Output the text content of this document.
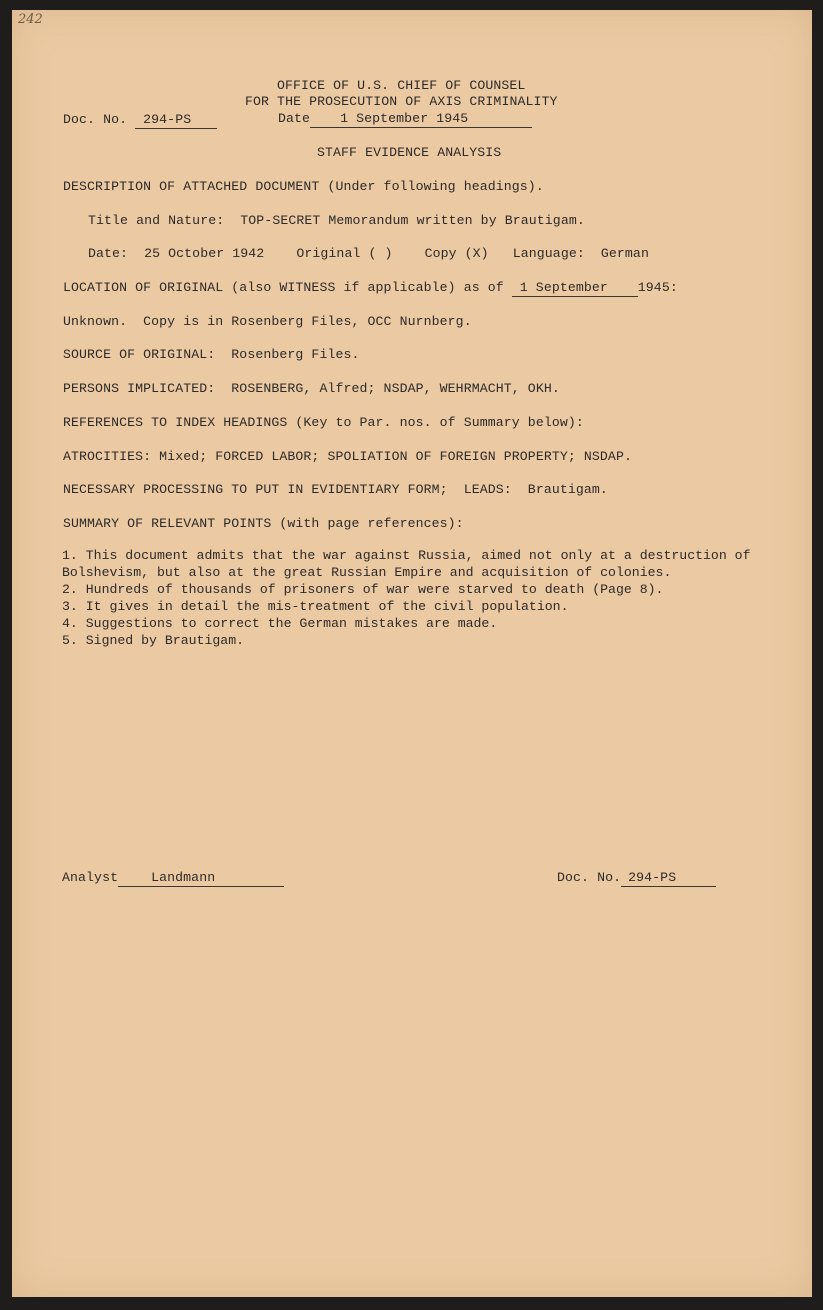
242
OFFICE OF U.S. CHIEF OF COUNSEL
FOR THE PROSECUTION OF AXIS CRIMINALITY
Doc. No. 294-PS	Date 1 September 1945
STAFF EVIDENCE ANALYSIS
DESCRIPTION OF ATTACHED DOCUMENT (Under following headings).
Title and Nature:  TOP-SECRET Memorandum written by Brautigam.
Date:  25 October 1942    Original ( )    Copy (X)   Language:  German
LOCATION OF ORIGINAL (also WITNESS if applicable) as of 1 September 1945:
Unknown.  Copy is in Rosenberg Files, OCC Nurnberg.
SOURCE OF ORIGINAL:  Rosenberg Files.
PERSONS IMPLICATED:  ROSENBERG, Alfred; NSDAP, WEHRMACHT, OKH.
REFERENCES TO INDEX HEADINGS (Key to Par. nos. of Summary below):
ATROCITIES: Mixed; FORCED LABOR; SPOLIATION OF FOREIGN PROPERTY; NSDAP.
NECESSARY PROCESSING TO PUT IN EVIDENTIARY FORM;  LEADS:  Brautigam.
SUMMARY OF RELEVANT POINTS (with page references):
1. This document admits that the war against Russia, aimed not only at a destruction of Bolshevism, but also at the great Russian Empire and acquisition of colonies.
2. Hundreds of thousands of prisoners of war were starved to death (Page 8).
3. It gives in detail the mis-treatment of the civil population.
4. Suggestions to correct the German mistakes are made.
5. Signed by Brautigam.
Analyst	Landmann	Doc. No. 294-PS
